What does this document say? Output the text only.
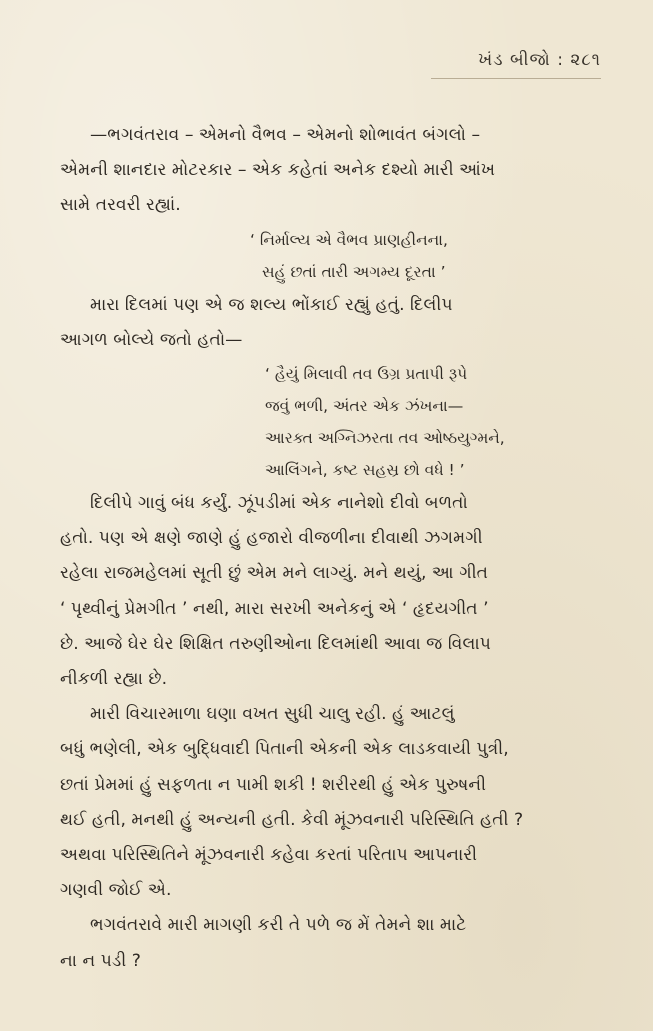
ખંડ બીજો : ૨૮૧

—ભગવંતરાવ – એમનો વૈભવ – એમનો શોભાવંત બંગલો –
એમની શાનદાર મોટરકાર – એક કહેતાં અનેક દશ્યો મારી આંખ
સામે તરવરી રહ્યાં.

‘ નિર્માલ્ય એ વૈભવ પ્રાણહીનના,
સહું છતાં તારી અગમ્ય દૂરતા ’

મારા દિલમાં પણ એ જ શલ્ય ભોંકાઈ રહ્યું હતું. દિલીપ
આગળ બોલ્યે જતો હતો—

‘ હૈયું મિલાવી તવ ઉગ્ર પ્રતાપી રૂપે
જવું ભળી, અંતર એક ઝંખના—
આરક્ત અગ્નિઝરતા તવ ઓષ્ઠયુગ્મને,
આલિંગને, કષ્ટ સહસ્ર છો વધે ! ’

દિલીપે ગાવું બંધ કર્યું. ઝૂંપડીમાં એક નાનેશો દીવો બળતો
હતો. પણ એ ક્ષણે જાણે હું હજારો વીજળીના દીવાથી ઝગમગી
રહેલા રાજમહેલમાં સૂતી છું એમ મને લાગ્યું. મને થયું, આ ગીત
‘ પૃથ્વીનું પ્રેમગીત ’ નથી, મારા સરખી અનેકનું એ ‘ હૃદયગીત ’
છે. આજે ઘેર ઘેર શિક્ષિત તરુણીઓના દિલમાંથી આવા જ વિલાપ
નીકળી રહ્યા છે.

મારી વિચારમાળા ઘણા વખત સુધી ચાલુ રહી. હું આટલું
બધું ભણેલી, એક બુદ્ધિવાદી પિતાની એકની એક લાડકવાયી પુત્રી,
છતાં પ્રેમમાં હું સફળતા ન પામી શકી ! શરીરથી હું એક પુરુષની
થઈ હતી, મનથી હું અન્યની હતી. કેવી મૂંઝવનારી પરિસ્થિતિ હતી ?
અથવા પરિસ્થિતિને મૂંઝવનારી કહેવા કરતાં પરિતાપ આપનારી
ગણવી જોઈ એ.

ભગવંતરાવે મારી માગણી કરી તે પળે જ મેં તેમને શા માટે
ના ન પડી ?
